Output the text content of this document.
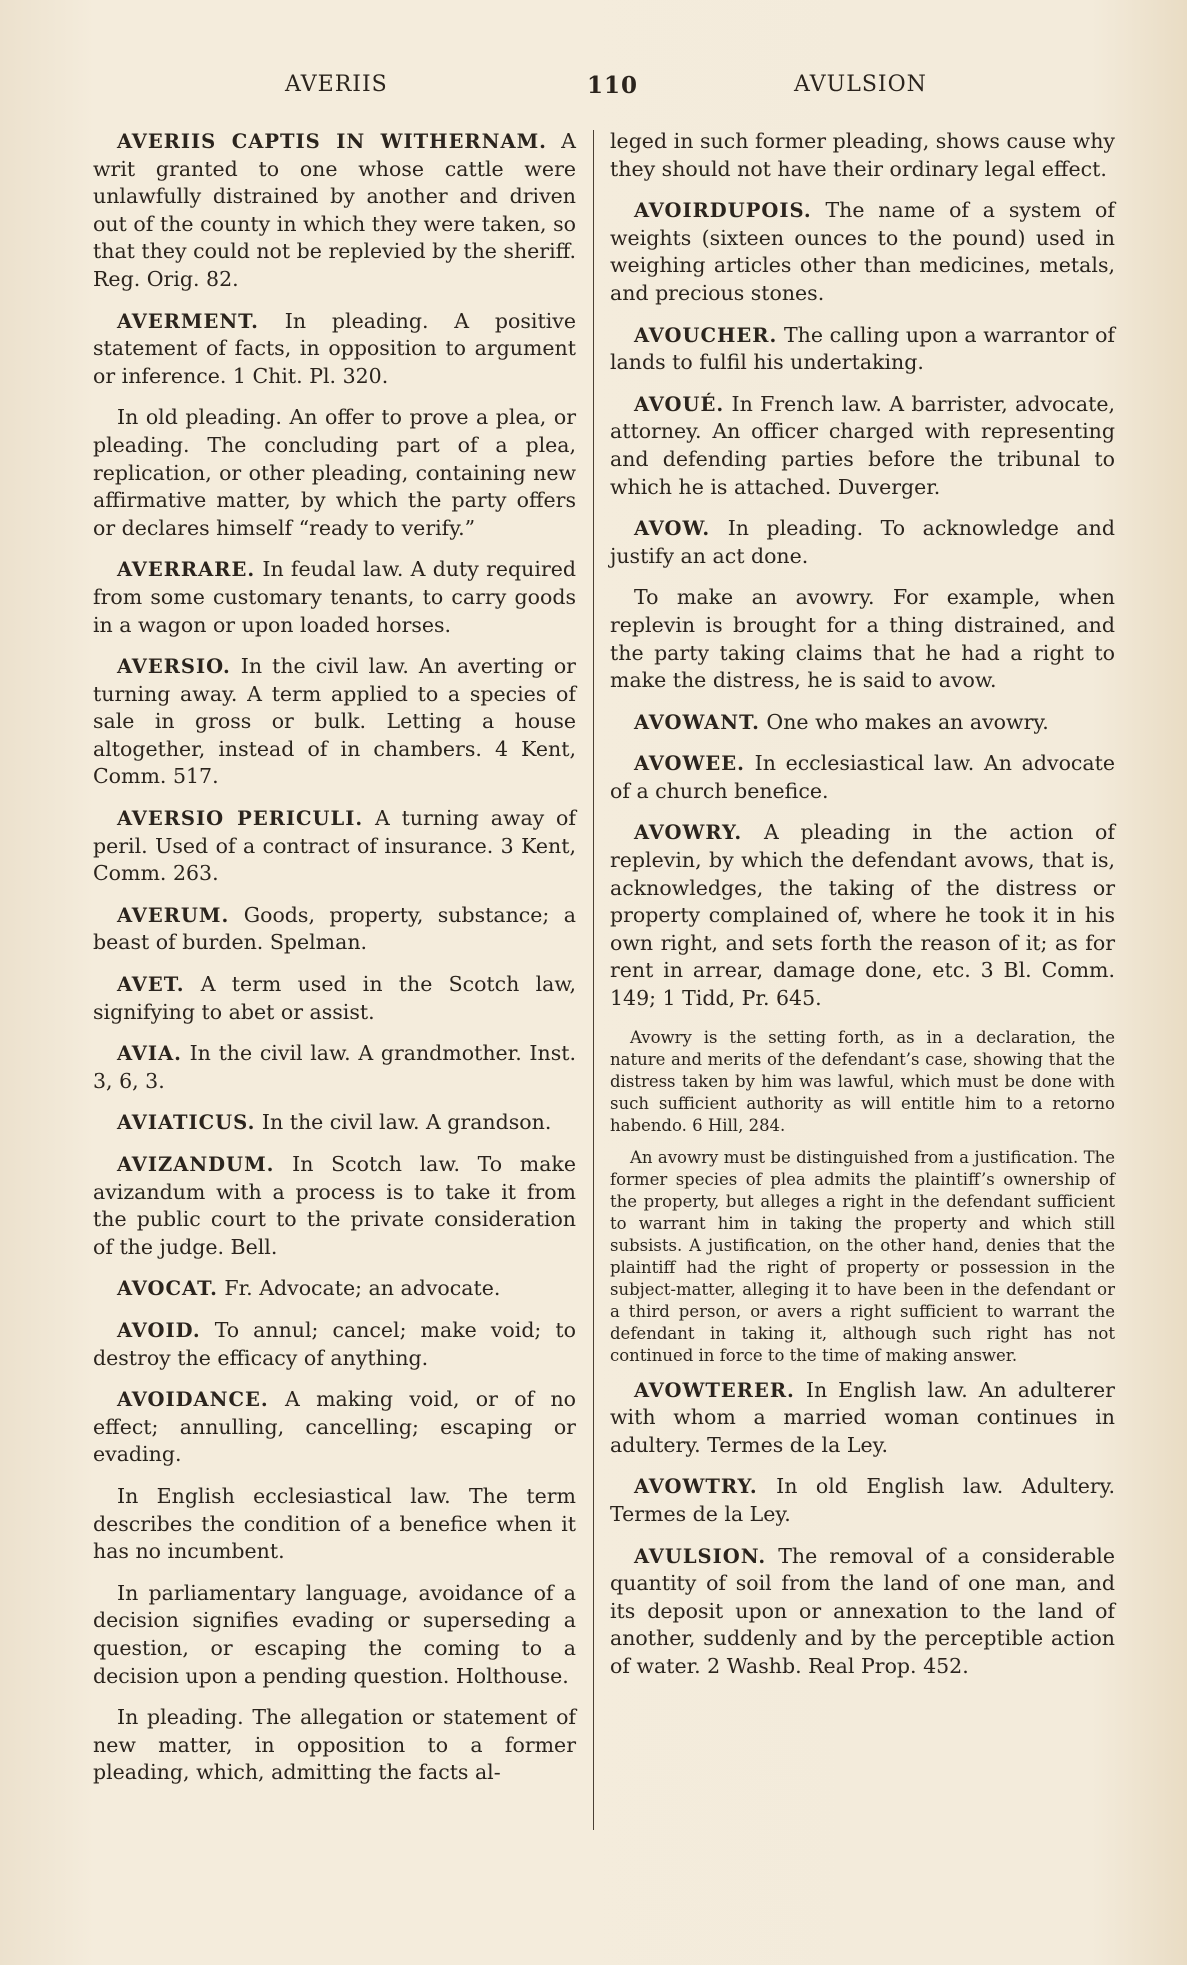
AVERIIS	110	AVULSION
AVERIIS CAPTIS IN WITHERNAM. A writ granted to one whose cattle were unlawfully distrained by another and driven out of the county in which they were taken, so that they could not be replevied by the sheriff. Reg. Orig. 82.
AVERMENT. In pleading. A positive statement of facts, in opposition to argument or inference. 1 Chit. Pl. 320.
In old pleading. An offer to prove a plea, or pleading. The concluding part of a plea, replication, or other pleading, containing new affirmative matter, by which the party offers or declares himself “ready to verify.”
AVERRARE. In feudal law. A duty required from some customary tenants, to carry goods in a wagon or upon loaded horses.
AVERSIO. In the civil law. An averting or turning away. A term applied to a species of sale in gross or bulk. Letting a house altogether, instead of in chambers. 4 Kent, Comm. 517.
AVERSIO PERICULI. A turning away of peril. Used of a contract of insurance. 3 Kent, Comm. 263.
AVERUM. Goods, property, substance; a beast of burden. Spelman.
AVET. A term used in the Scotch law, signifying to abet or assist.
AVIA. In the civil law. A grandmother. Inst. 3, 6, 3.
AVIATICUS. In the civil law. A grandson.
AVIZANDUM. In Scotch law. To make avizandum with a process is to take it from the public court to the private consideration of the judge. Bell.
AVOCAT. Fr. Advocate; an advocate.
AVOID. To annul; cancel; make void; to destroy the efficacy of anything.
AVOIDANCE. A making void, or of no effect; annulling, cancelling; escaping or evading.
In English ecclesiastical law. The term describes the condition of a benefice when it has no incumbent.
In parliamentary language, avoidance of a decision signifies evading or superseding a question, or escaping the coming to a decision upon a pending question. Holthouse.
In pleading. The allegation or statement of new matter, in opposition to a former pleading, which, admitting the facts al-
leged in such former pleading, shows cause why they should not have their ordinary legal effect.
AVOIRDUPOIS. The name of a system of weights (sixteen ounces to the pound) used in weighing articles other than medicines, metals, and precious stones.
AVOUCHER. The calling upon a warrantor of lands to fulfil his undertaking.
AVOUÉ. In French law. A barrister, advocate, attorney. An officer charged with representing and defending parties before the tribunal to which he is attached. Duverger.
AVOW. In pleading. To acknowledge and justify an act done.
To make an avowry. For example, when replevin is brought for a thing distrained, and the party taking claims that he had a right to make the distress, he is said to avow.
AVOWANT. One who makes an avowry.
AVOWEE. In ecclesiastical law. An advocate of a church benefice.
AVOWRY. A pleading in the action of replevin, by which the defendant avows, that is, acknowledges, the taking of the distress or property complained of, where he took it in his own right, and sets forth the reason of it; as for rent in arrear, damage done, etc. 3 Bl. Comm. 149; 1 Tidd, Pr. 645.
Avowry is the setting forth, as in a declaration, the nature and merits of the defendant’s case, showing that the distress taken by him was lawful, which must be done with such sufficient authority as will entitle him to a retorno habendo. 6 Hill, 284.
An avowry must be distinguished from a justification. The former species of plea admits the plaintiff’s ownership of the property, but alleges a right in the defendant sufficient to warrant him in taking the property and which still subsists. A justification, on the other hand, denies that the plaintiff had the right of property or possession in the subject-matter, alleging it to have been in the defendant or a third person, or avers a right sufficient to warrant the defendant in taking it, although such right has not continued in force to the time of making answer.
AVOWTERER. In English law. An adulterer with whom a married woman continues in adultery. Termes de la Ley.
AVOWTRY. In old English law. Adultery. Termes de la Ley.
AVULSION. The removal of a considerable quantity of soil from the land of one man, and its deposit upon or annexation to the land of another, suddenly and by the perceptible action of water. 2 Washb. Real Prop. 452.
